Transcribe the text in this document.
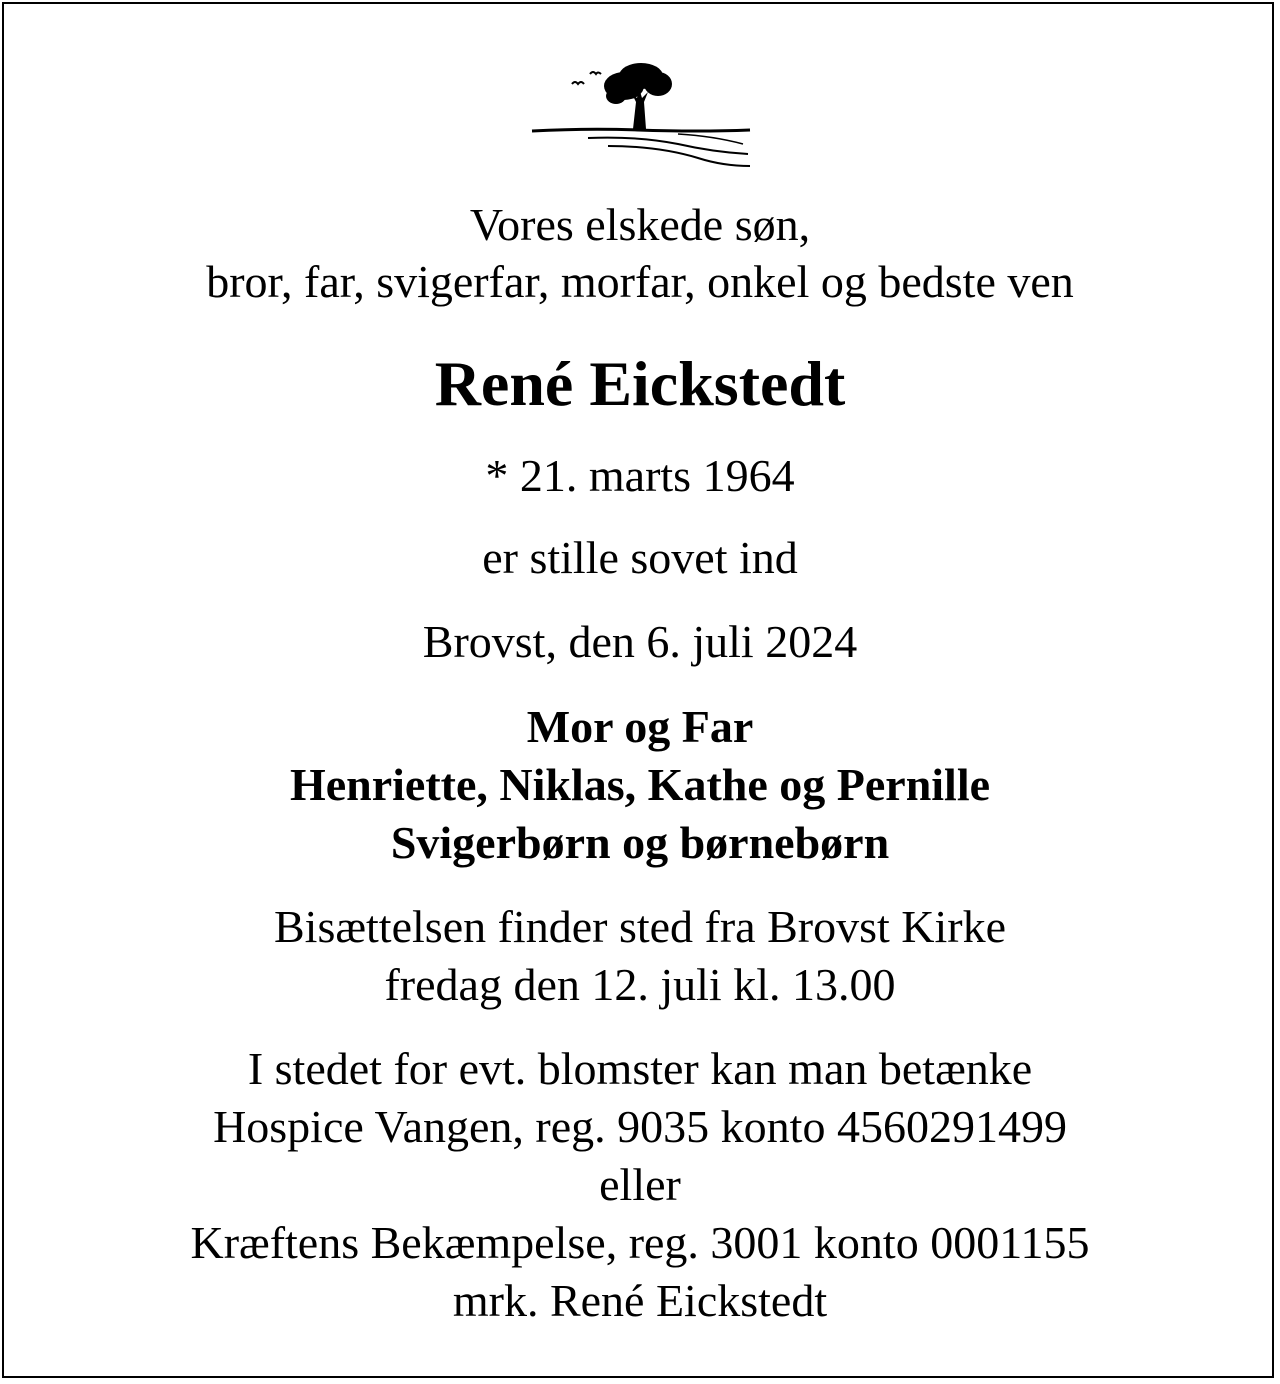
Vores elskede søn,
bror, far, svigerfar, morfar, onkel og bedste ven
René Eickstedt
* 21. marts 1964
er stille sovet ind
Brovst, den 6. juli 2024
Mor og Far
Henriette, Niklas, Kathe og Pernille
Svigerbørn og børnebørn
Bisættelsen finder sted fra Brovst Kirke
fredag den 12. juli kl. 13.00
I stedet for evt. blomster kan man betænke
Hospice Vangen, reg. 9035 konto 4560291499
eller
Kræftens Bekæmpelse, reg. 3001 konto 0001155
mrk. René Eickstedt
